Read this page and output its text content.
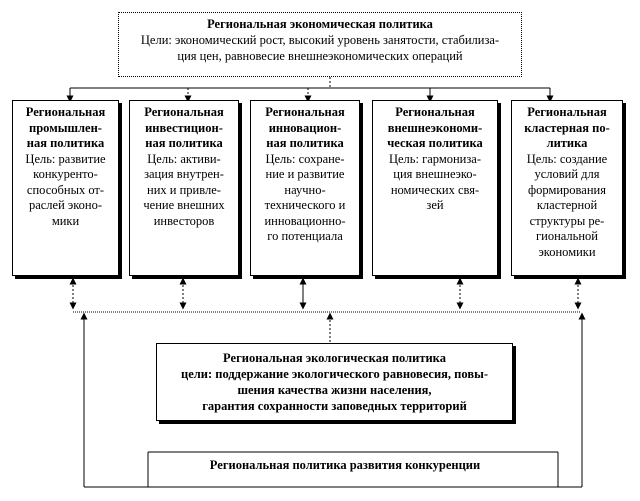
Региональная экономическая политика
Цели: экономический рост, высокий уровень занятости, стабилиза-
ция цен, равновесие внешнеэкономических операций
Региональная
промышлен-
ная политика
Цель: развитие
конкуренто-
способных от-
раслей эконо-
мики
Региональная
инвестицион-
ная политика
Цель: активи-
зация внутрен-
них и привле-
чение внешних
инвесторов
Региональная
инновацион-
ная политика
Цель: сохране-
ние и развитие
научно-
технического и
инновационно-
го потенциала
Региональная
внешнеэкономи-
ческая политика
Цель: гармониза-
ция внешнеэко-
номических свя-
зей
Региональная
кластерная по-
литика
Цель: создание
условий для
формирования
кластерной
структуры ре-
гиональной
экономики
Региональная экологическая политика
цели: поддержание экологического равновесия, повы-
шения качества жизни населения,
гарантия сохранности заповедных территорий
Региональная политика развития конкуренции
